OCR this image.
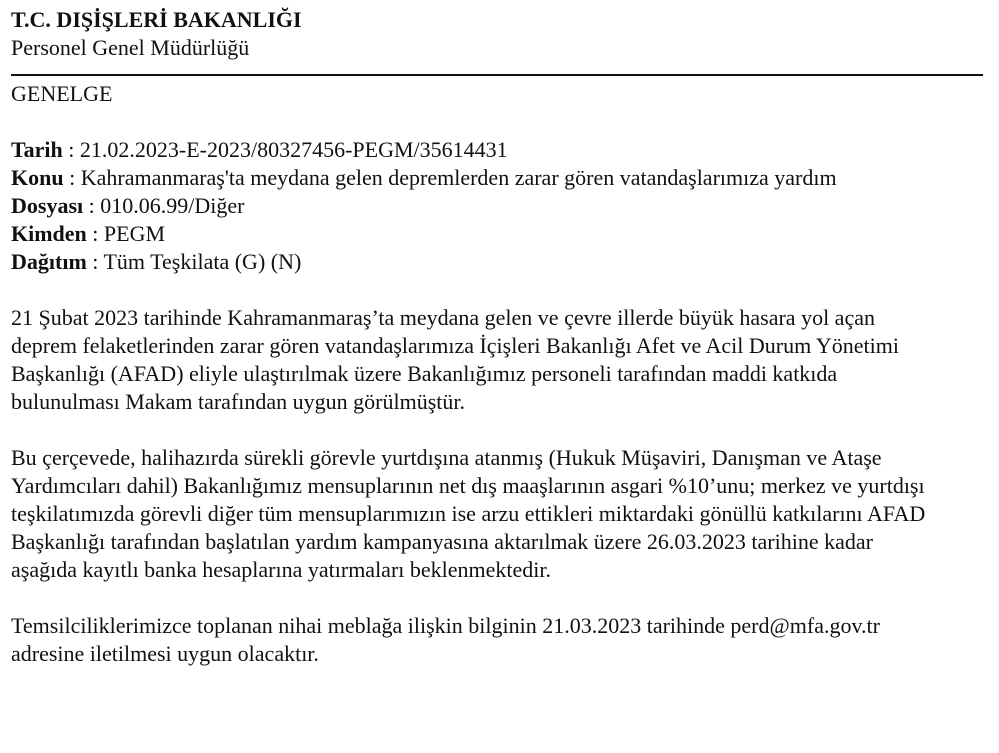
T.C. DIŞİŞLERİ BAKANLIĞI
Personel Genel Müdürlüğü
GENELGE
Tarih : 21.02.2023-E-2023/80327456-PEGM/35614431
Konu : Kahramanmaraş'ta meydana gelen depremlerden zarar gören vatandaşlarımıza yardım
Dosyası : 010.06.99/Diğer
Kimden : PEGM
Dağıtım : Tüm Teşkilata (G) (N)

21 Şubat 2023 tarihinde Kahramanmaraş’ta meydana gelen ve çevre illerde büyük hasara yol açan deprem felaketlerinden zarar gören vatandaşlarımıza İçişleri Bakanlığı Afet ve Acil Durum Yönetimi Başkanlığı (AFAD) eliyle ulaştırılmak üzere Bakanlığımız personeli tarafından maddi katkıda bulunulması Makam tarafından uygun görülmüştür.

Bu çerçevede, halihazırda sürekli görevle yurtdışına atanmış (Hukuk Müşaviri, Danışman ve Ataşe Yardımcıları dahil) Bakanlığımız mensuplarının net dış maaşlarının asgari %10’unu; merkez ve yurtdışı teşkilatımızda görevli diğer tüm mensuplarımızın ise arzu ettikleri miktardaki gönüllü katkılarını AFAD Başkanlığı tarafından başlatılan yardım kampanyasına aktarılmak üzere 26.03.2023 tarihine kadar aşağıda kayıtlı banka hesaplarına yatırmaları beklenmektedir.

Temsilciliklerimizce toplanan nihai meblağa ilişkin bilginin 21.03.2023 tarihinde perd@mfa.gov.tr adresine iletilmesi uygun olacaktır.
